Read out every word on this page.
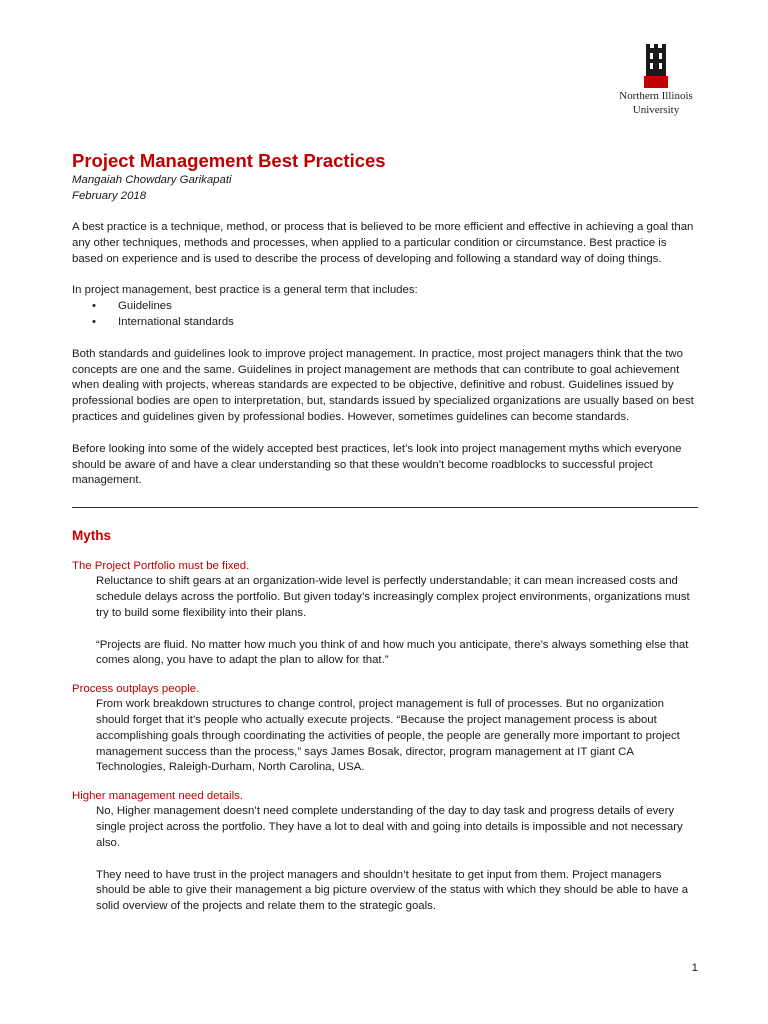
Northern Illinois
University
Project Management Best Practices
Mangaiah Chowdary Garikapati
February 2018

A best practice is a technique, method, or process that is believed to be more efficient and effective in achieving a goal than any other techniques, methods and processes, when applied to a particular condition or circumstance. Best practice is based on experience and is used to describe the process of developing and following a standard way of doing things.

In project management, best practice is a general term that includes:

• Guidelines
• International standards

Both standards and guidelines look to improve project management. In practice, most project managers think that the two concepts are one and the same. Guidelines in project management are methods that can contribute to goal achievement when dealing with projects, whereas standards are expected to be objective, definitive and robust. Guidelines issued by professional bodies are open to interpretation, but, standards issued by specialized organizations are usually based on best practices and guidelines given by professional bodies. However, sometimes guidelines can become standards.

Before looking into some of the widely accepted best practices, let’s look into project management myths which everyone should be aware of and have a clear understanding so that these wouldn’t become roadblocks to successful project management.

Myths
The Project Portfolio must be fixed.

Reluctance to shift gears at an organization-wide level is perfectly understandable; it can mean increased costs and schedule delays across the portfolio. But given today’s increasingly complex project environments, organizations must try to build some flexibility into their plans.

“Projects are fluid. No matter how much you think of and how much you anticipate, there’s always something else that comes along, you have to adapt the plan to allow for that.”

Process outplays people.

From work breakdown structures to change control, project management is full of processes. But no organization should forget that it’s people who actually execute projects. “Because the project management process is about accomplishing goals through coordinating the activities of people, the people are generally more important to project management success than the process,” says James Bosak, director, program management at IT giant CA Technologies, Raleigh-Durham, North Carolina, USA.

Higher management need details.

No, Higher management doesn’t need complete understanding of the day to day task and progress details of every single project across the portfolio. They have a lot to deal with and going into details is impossible and not necessary also.

They need to have trust in the project managers and shouldn’t hesitate to get input from them. Project managers should be able to give their management a big picture overview of the status with which they should be able to have a solid overview of the projects and relate them to the strategic goals.

1
